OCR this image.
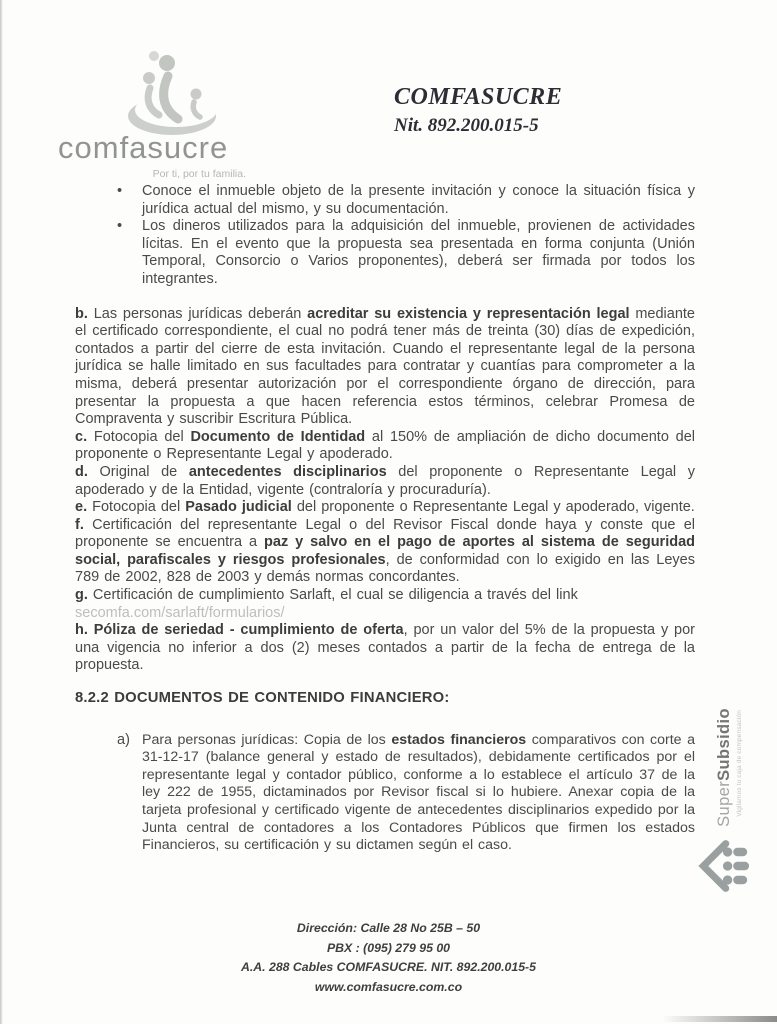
comfasucre
Por ti, por tu familia.
COMFASUCRE
Nit. 892.200.015-5
•	Conoce el inmueble objeto de la presente invitación y conoce la situación física y jurídica actual del mismo, y su documentación.
•	Los dineros utilizados para la adquisición del inmueble, provienen de actividades lícitas. En el evento que la propuesta sea presentada en forma conjunta (Unión Temporal, Consorcio o Varios proponentes), deberá ser firmada por todos los integrantes.

b. Las personas jurídicas deberán acreditar su existencia y representación legal mediante el certificado correspondiente, el cual no podrá tener más de treinta (30) días de expedición, contados a partir del cierre de esta invitación. Cuando el representante legal de la persona jurídica se halle limitado en sus facultades para contratar y cuantías para comprometer a la misma, deberá presentar autorización por el correspondiente órgano de dirección, para presentar la propuesta a que hacen referencia estos términos, celebrar Promesa de Compraventa y suscribir Escritura Pública.

c. Fotocopia del Documento de Identidad al 150% de ampliación de dicho documento del proponente o Representante Legal y apoderado.

d. Original de antecedentes disciplinarios del proponente o Representante Legal y apoderado y de la Entidad, vigente (contraloría y procuraduría).

e. Fotocopia del Pasado judicial del proponente o Representante Legal y apoderado, vigente.

f. Certificación del representante Legal o del Revisor Fiscal donde haya y conste que el proponente se encuentra a paz y salvo en el pago de aportes al sistema de seguridad social, parafiscales y riesgos profesionales, de conformidad con lo exigido en las Leyes 789 de 2002, 828 de 2003 y demás normas concordantes.

g. Certificación de cumplimiento Sarlaft, el cual se diligencia a través del link

secomfa.com/sarlaft/formularios/

h. Póliza de seriedad - cumplimiento de oferta, por un valor del 5% de la propuesta y por una vigencia no inferior a dos (2) meses contados a partir de la fecha de entrega de la propuesta.

8.2.2 DOCUMENTOS DE CONTENIDO FINANCIERO:
a) Para personas jurídicas: Copia de los estados financieros comparativos con corte a 31-12-17 (balance general y estado de resultados), debidamente certificados por el representante legal y contador público, conforme a lo establece el artículo 37 de la ley 222 de 1955, dictaminados por Revisor fiscal si lo hubiere. Anexar copia de la tarjeta profesional y certificado vigente de antecedentes disciplinarios expedido por la Junta central de contadores a los Contadores Públicos que firmen los estados Financieros, su certificación y su dictamen según el caso.

Dirección: Calle 28 No 25B – 50
PBX : (095) 279 95 00
A.A. 288 Cables COMFASUCRE. NIT. 892.200.015-5
www.comfasucre.com.co
SuperSubsidio Vigilamos tu caja de compensación
